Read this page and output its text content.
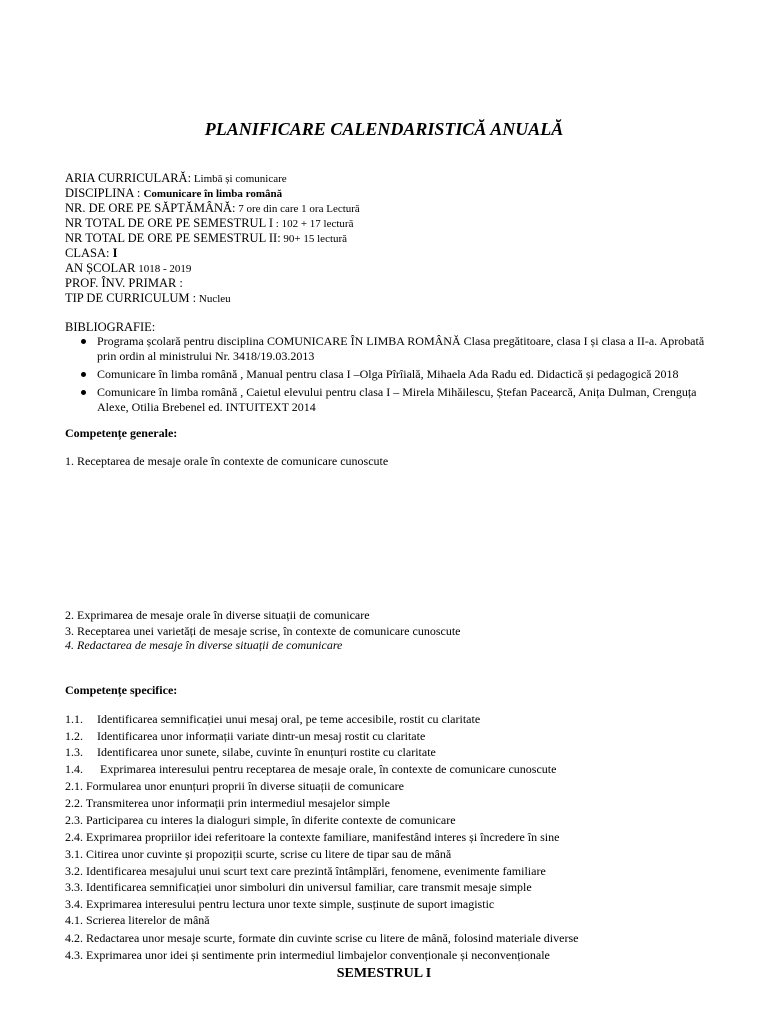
PLANIFICARE CALENDARISTICĂ ANUALĂ
ARIA CURRICULARĂ: Limbă și comunicare
DISCIPLINA : Comunicare în limba română
NR. DE ORE PE SĂPTĂMÂNĂ: 7 ore din care 1 ora Lectură
NR TOTAL DE ORE PE SEMESTRUL I : 102 + 17 lectură
NR TOTAL DE ORE PE SEMESTRUL II: 90+ 15 lectură
CLASA: I
AN ȘCOLAR 1018 - 2019
PROF. ÎNV. PRIMAR :
TIP DE CURRICULUM : Nucleu
BIBLIOGRAFIE:
Programa școlară pentru disciplina COMUNICARE ÎN LIMBA ROMÂNĂ Clasa pregătitoare, clasa I și clasa a II-a. Aprobată prin ordin al ministrului Nr. 3418/19.03.2013
Comunicare în limba română , Manual pentru clasa I –Olga Pîrîială, Mihaela Ada Radu ed. Didactică și pedagogică 2018
Comunicare în limba română , Caietul elevului pentru clasa I – Mirela Mihăilescu, Ștefan Pacearcă, Anița Dulman, Crenguța Alexe, Otilia Brebenel ed. INTUITEXT 2014
Competențe generale:
1. Receptarea de mesaje orale în contexte de comunicare cunoscute
2. Exprimarea de mesaje orale în diverse situații de comunicare
3. Receptarea unei varietăți de mesaje scrise, în contexte de comunicare cunoscute
4. Redactarea de mesaje în diverse situații de comunicare
Competențe specifice:
1.1. Identificarea semnificației unui mesaj oral, pe teme accesibile, rostit cu claritate
1.2. Identificarea unor informații variate dintr-un mesaj rostit cu claritate
1.3. Identificarea unor sunete, silabe, cuvinte în enunțuri rostite cu claritate
1.4. Exprimarea interesului pentru receptarea de mesaje orale, în contexte de comunicare cunoscute
2.1. Formularea unor enunțuri proprii în diverse situații de comunicare
2.2. Transmiterea unor informații prin intermediul mesajelor simple
2.3. Participarea cu interes la dialoguri simple, în diferite contexte de comunicare
2.4. Exprimarea propriilor idei referitoare la contexte familiare, manifestând interes și încredere în sine
3.1. Citirea unor cuvinte și propoziții scurte, scrise cu litere de tipar sau de mână
3.2. Identificarea mesajului unui scurt text care prezintă întâmplări, fenomene, evenimente familiare
3.3. Identificarea semnificației unor simboluri din universul familiar, care transmit mesaje simple
3.4. Exprimarea interesului pentru lectura unor texte simple, susținute de suport imagistic
4.1. Scrierea literelor de mână
4.2. Redactarea unor mesaje scurte, formate din cuvinte scrise cu litere de mână, folosind materiale diverse
4.3. Exprimarea unor idei și sentimente prin intermediul limbajelor convenționale și neconvenționale
SEMESTRUL I
